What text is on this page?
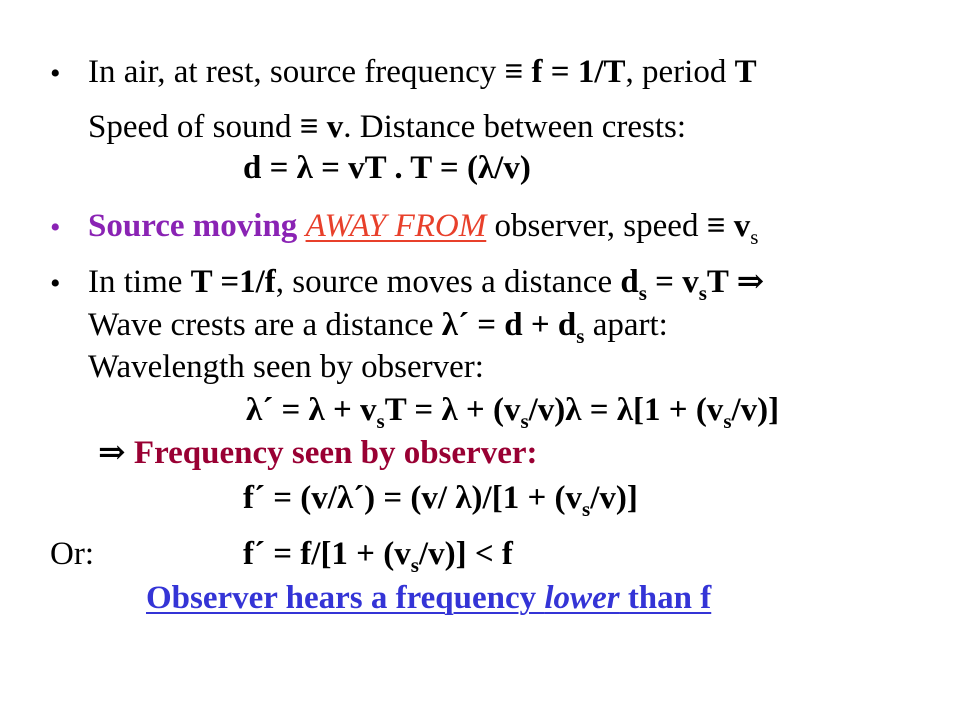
• In air, at rest, source frequency ≡ f = 1/T, period T
Speed of sound ≡ v. Distance between crests:
d = λ = vT . T = (λ/v)
• Source moving AWAY FROM observer, speed ≡ $v_s$
• In time T =1/f, source moves a distance $d_s = v_sT$ ⇒
Wave crests are a distance λ´ = $d + d_s$ apart:
Wavelength seen by observer:
λ´ = $\lambda + v_sT = \lambda + (v_s/v)\lambda = \lambda[1 + (v_s/v)]$
⇒ Frequency seen by observer:
f´ = (v/λ´) = (v/ $\lambda)/[1 + (v_s/v)]$
Or:	f´ = $f/[1 + (v_s/v)] < f$
Observer hears a frequency lower than f
